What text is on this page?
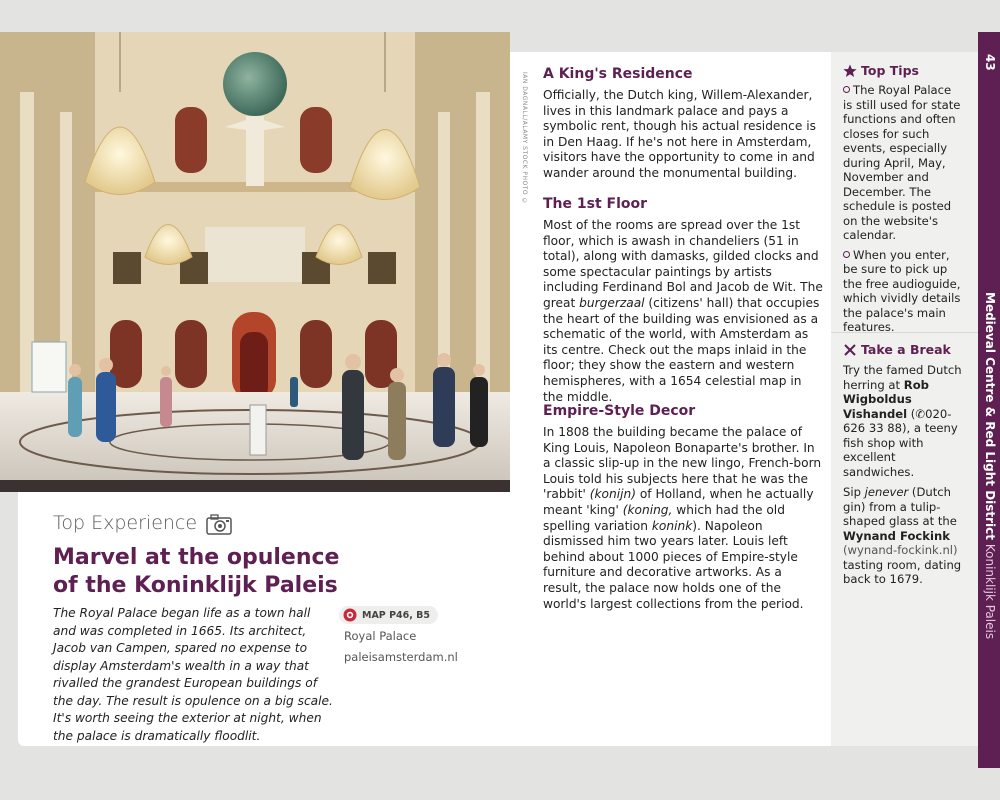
IAN DAGNALL/ALAMY STOCK PHOTO ©
43
Medieval Centre & Red Light District Koninklijk Paleis
Top Experience
Marvel at the opulence
of the Koninklijk Paleis

The Royal Palace began life as a town hall and was completed in 1665. Its architect, Jacob van Campen, spared no expense to display Amsterdam's wealth in a way that rivalled the grandest European buildings of the day. The result is opulence on a big scale. It's worth seeing the exterior at night, when the palace is dramatically floodlit.

MAP P46, B5
Royal Palace
paleisamsterdam.nl
A King's Residence

Officially, the Dutch king, Willem-Alexander, lives in this landmark palace and pays a symbolic rent, though his actual residence is in Den Haag. If he's not here in Amsterdam, visitors have the opportunity to come in and wander around the monumental building.

The 1st Floor

Most of the rooms are spread over the 1st floor, which is awash in chandeliers (51 in total), along with damasks, gilded clocks and some spectacular paintings by artists including Ferdinand Bol and Jacob de Wit. The great burgerzaal (citizens' hall) that occupies the heart of the building was envisioned as a schematic of the world, with Amsterdam as its centre. Check out the maps inlaid in the floor; they show the eastern and western hemispheres, with a 1654 celestial map in the middle.

Empire-Style Decor

In 1808 the building became the palace of King Louis, Napoleon Bonaparte's brother. In a classic slip-up in the new lingo, French-born Louis told his subjects here that he was the 'rabbit' (konijn) of Holland, when he actually meant 'king' (koning, which had the old spelling variation konink). Napoleon dismissed him two years later. Louis left behind about 1000 pieces of Empire-style furniture and decorative artworks. As a result, the palace now holds one of the world's largest collections from the period.

Top Tips

The Royal Palace is still used for state functions and often closes for such events, especially during April, May, November and December. The schedule is posted on the website's calendar.

When you enter, be sure to pick up the free audioguide, which vividly details the palace's main features.

Take a Break

Try the famed Dutch herring at Rob Wigboldus Vishandel (✆020-626 33 88), a teeny fish shop with excellent sandwiches.

Sip jenever (Dutch gin) from a tulip-shaped glass at the Wynand Fockink (wynand-fockink.nl) tasting room, dating back to 1679.
